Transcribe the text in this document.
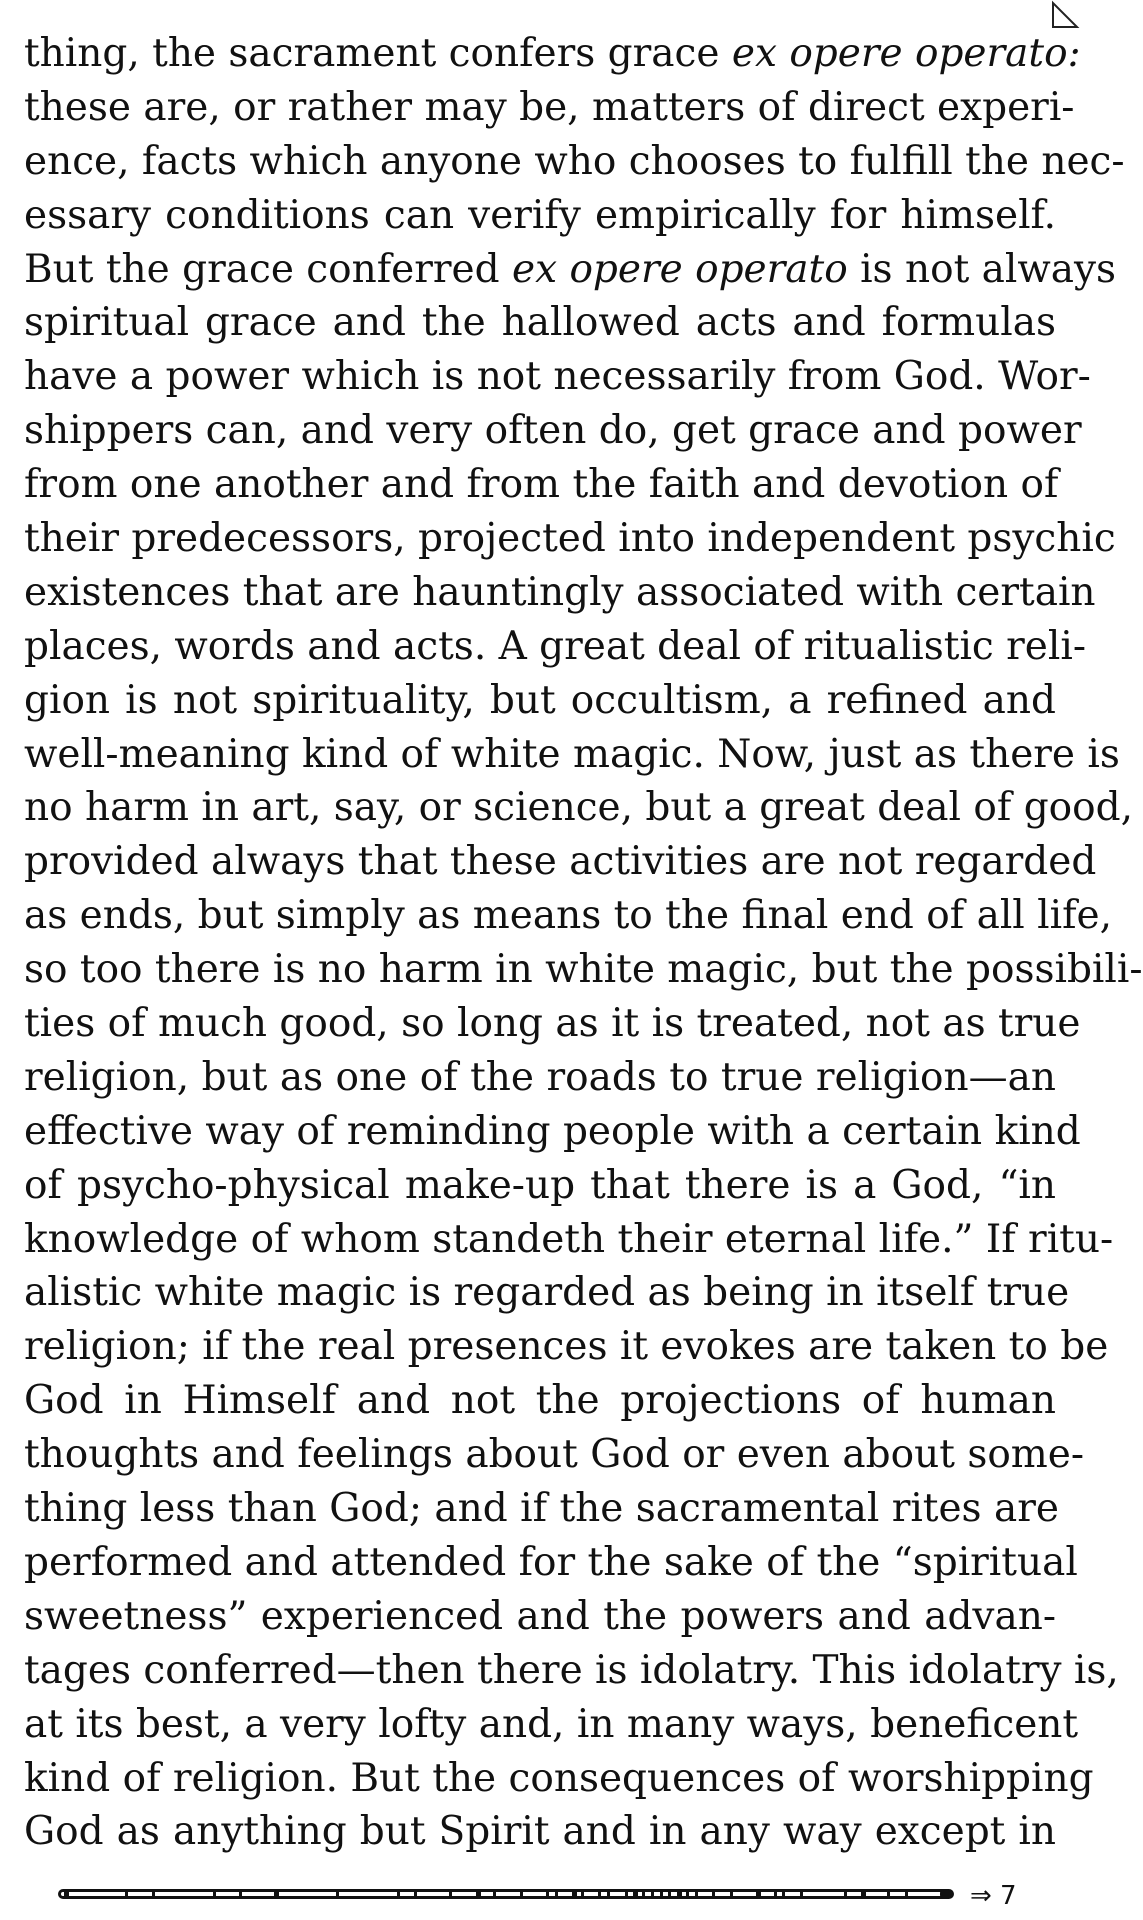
thing, the sacrament confers grace ex opere operato:
these are, or rather may be, matters of direct experi-
ence, facts which anyone who chooses to fulfill the nec-
essary conditions can verify empirically for himself.
But the grace conferred ex opere operato is not always
spiritual grace and the hallowed acts and formulas
have a power which is not necessarily from God. Wor-
shippers can, and very often do, get grace and power
from one another and from the faith and devotion of
their predecessors, projected into independent psychic
existences that are hauntingly associated with certain
places, words and acts. A great deal of ritualistic reli-
gion is not spirituality, but occultism, a refined and
well-meaning kind of white magic. Now, just as there is
no harm in art, say, or science, but a great deal of good,
provided always that these activities are not regarded
as ends, but simply as means to the final end of all life,
so too there is no harm in white magic, but the possibili-
ties of much good, so long as it is treated, not as true
religion, but as one of the roads to true religion—an
effective way of reminding people with a certain kind
of psycho-physical make-up that there is a God, “in
knowledge of whom standeth their eternal life.” If ritu-
alistic white magic is regarded as being in itself true
religion; if the real presences it evokes are taken to be
God in Himself and not the projections of human
thoughts and feelings about God or even about some-
thing less than God; and if the sacramental rites are
performed and attended for the sake of the “spiritual
sweetness” experienced and the powers and advan-
tages conferred—then there is idolatry. This idolatry is,
at its best, a very lofty and, in many ways, beneficent
kind of religion. But the consequences of worshipping
God as anything but Spirit and in any way except in
⇒ 7
